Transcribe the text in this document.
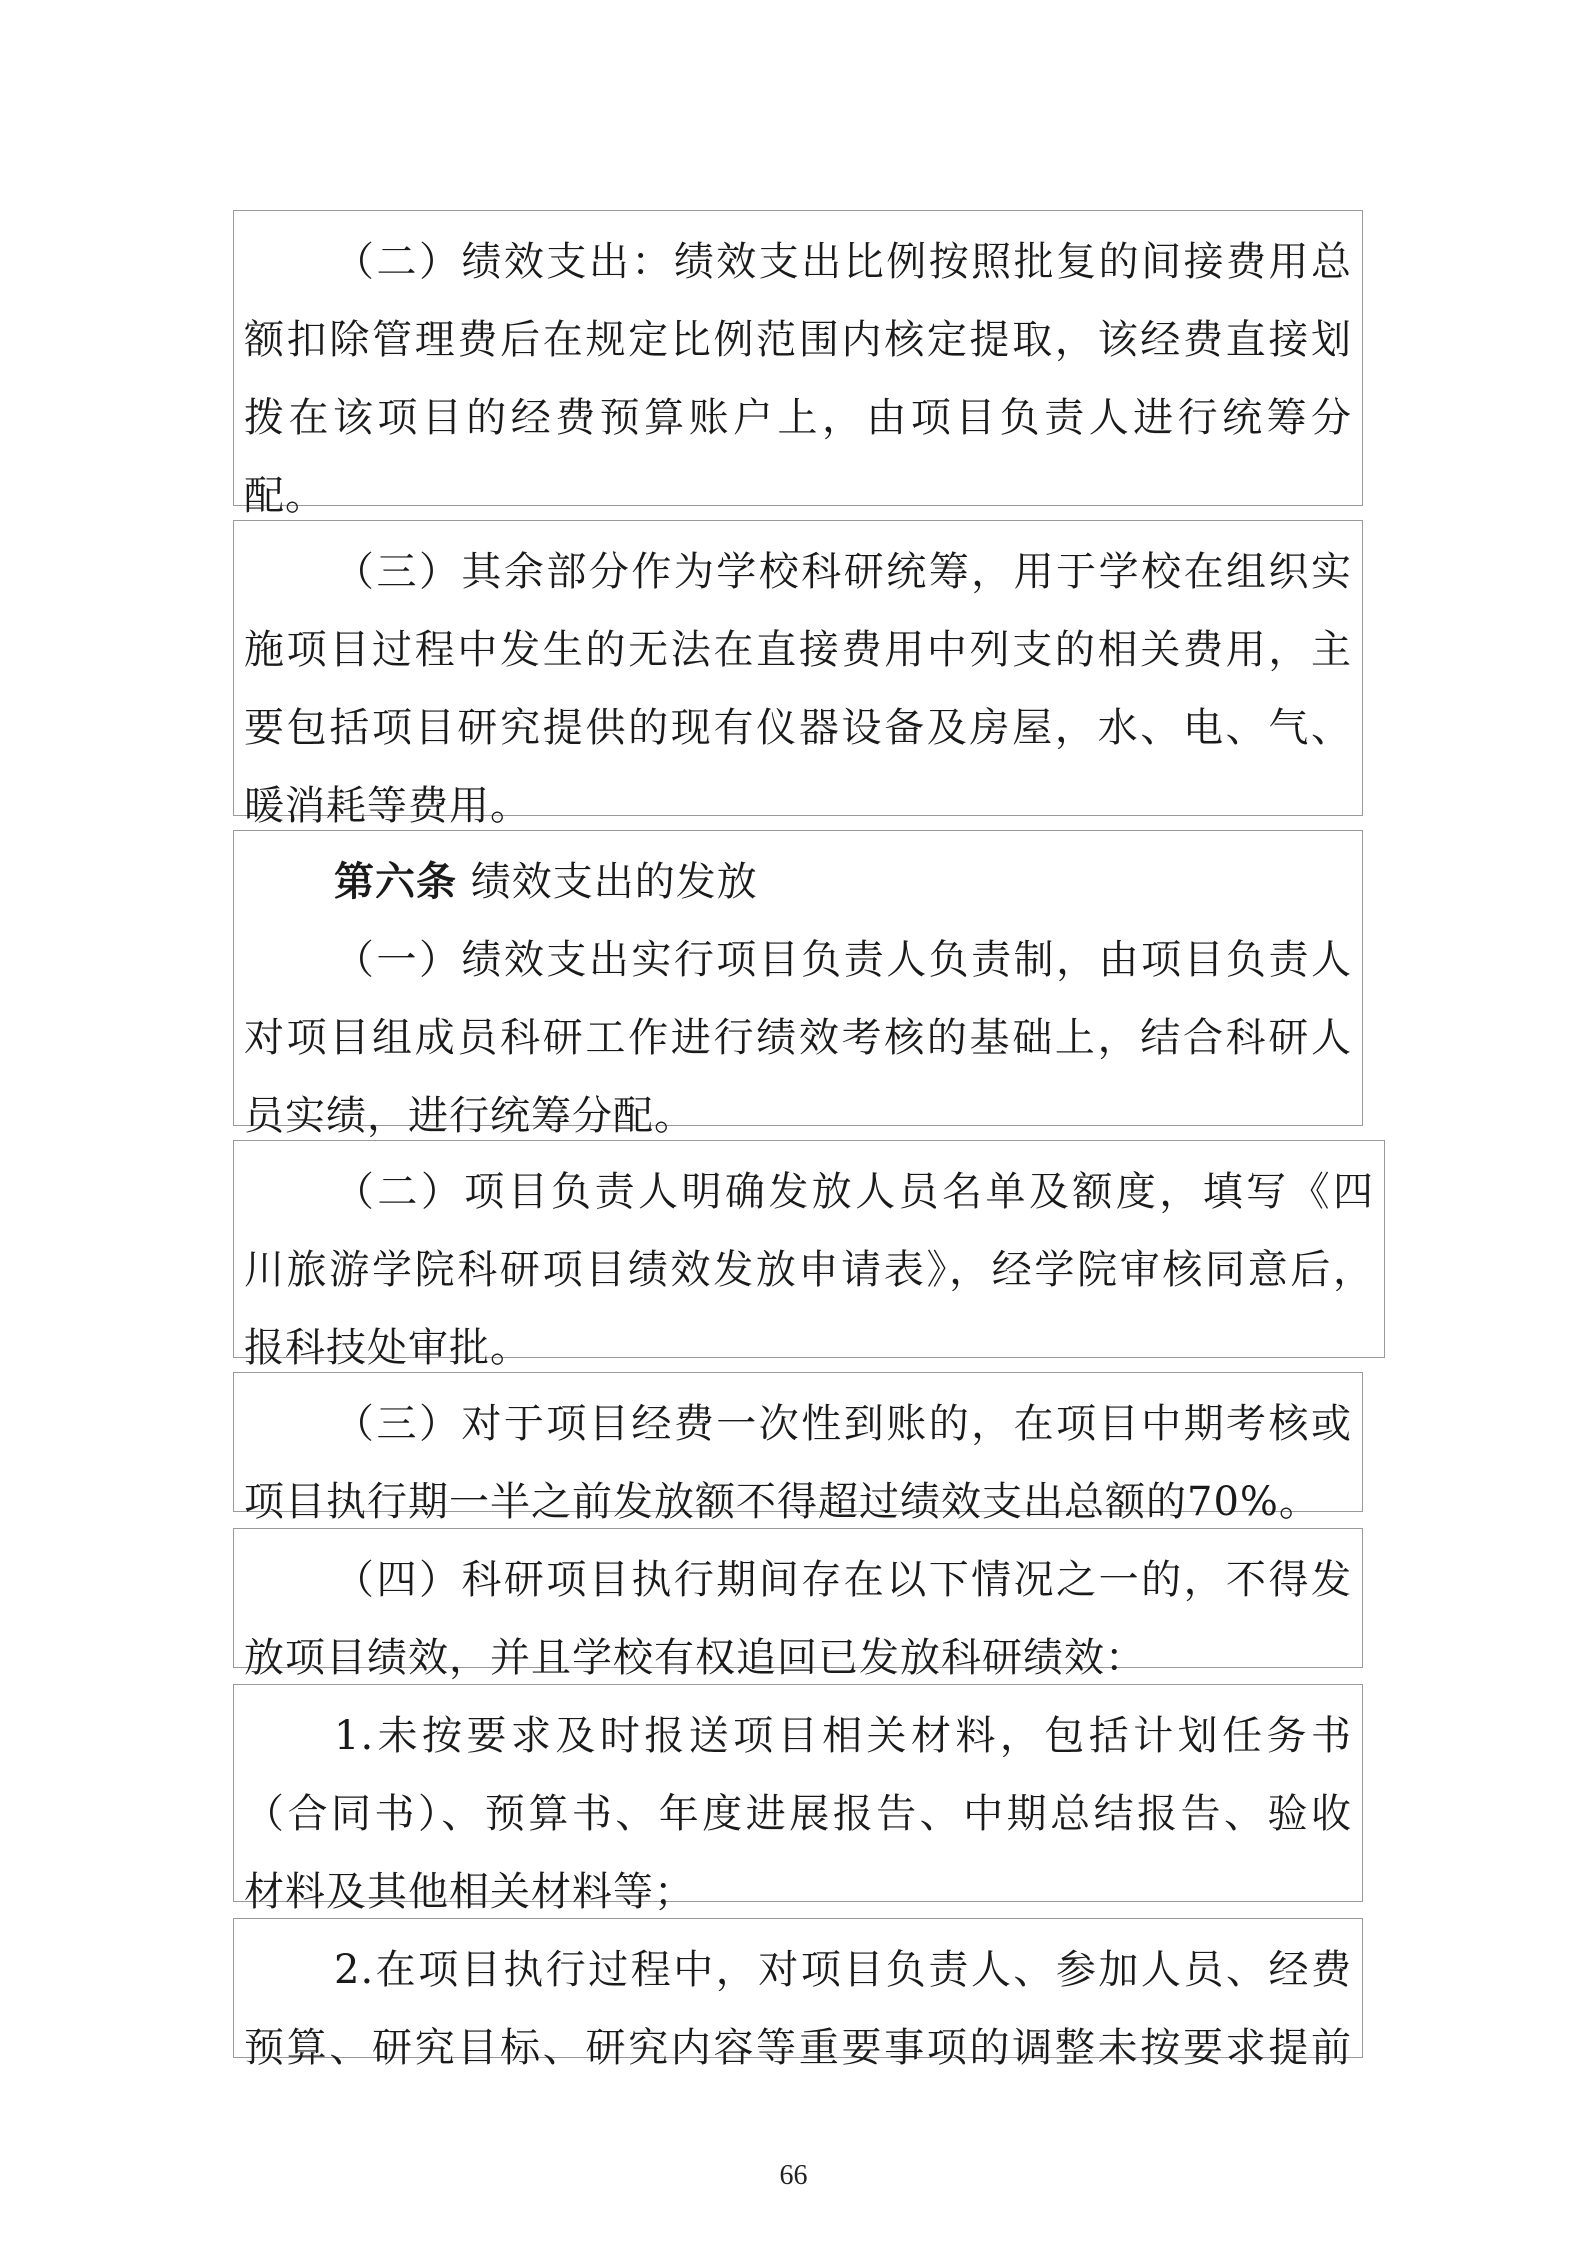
（二）绩效支出：绩效支出比例按照批复的间接费用总
额扣除管理费后在规定比例范围内核定提取，该经费直接划
拨在该项目的经费预算账户上，由项目负责人进行统筹分
配。
（三）其余部分作为学校科研统筹，用于学校在组织实
施项目过程中发生的无法在直接费用中列支的相关费用，主
要包括项目研究提供的现有仪器设备及房屋，水、电、气、
暖消耗等费用。
第六条 绩效支出的发放
（一）绩效支出实行项目负责人负责制，由项目负责人
对项目组成员科研工作进行绩效考核的基础上，结合科研人
员实绩，进行统筹分配。
（二）项目负责人明确发放人员名单及额度，填写《四
川旅游学院科研项目绩效发放申请表》，经学院审核同意后，
报科技处审批。
（三）对于项目经费一次性到账的，在项目中期考核或
项目执行期一半之前发放额不得超过绩效支出总额的70%。
（四）科研项目执行期间存在以下情况之一的，不得发
放项目绩效，并且学校有权追回已发放科研绩效：
1.未按要求及时报送项目相关材料，包括计划任务书
（合同书）、预算书、年度进展报告、中期总结报告、验收
材料及其他相关材料等；
2.在项目执行过程中，对项目负责人、参加人员、经费
预算、研究目标、研究内容等重要事项的调整未按要求提前
66
